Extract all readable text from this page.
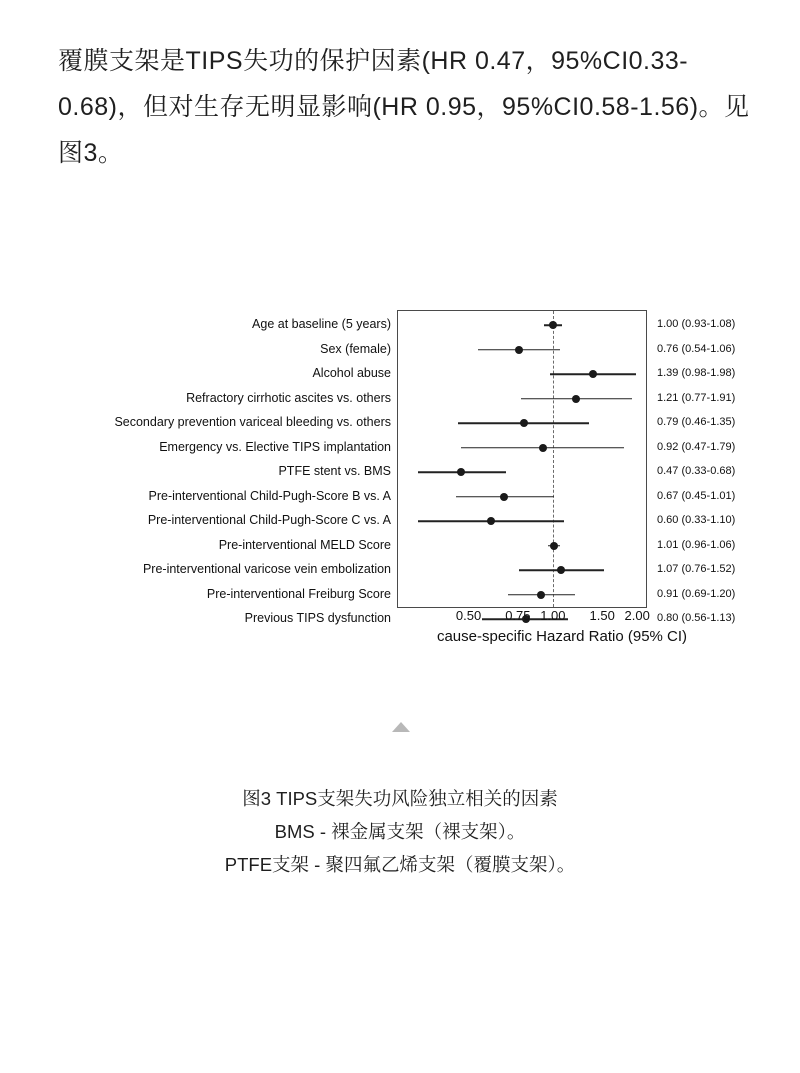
覆膜支架是TIPS失功的保护因素(HR 0.47，95%CI0.33-0.68)，但对生存无明显影响(HR 0.95，95%CI0.58-1.56)。见图3。
Age at baseline (5 years)
Sex (female)
Alcohol abuse
Refractory cirrhotic ascites vs. others
Secondary prevention variceal bleeding vs. others
Emergency vs. Elective TIPS implantation
PTFE stent vs. BMS
Pre-interventional Child-Pugh-Score B vs. A
Pre-interventional Child-Pugh-Score C vs. A
Pre-interventional MELD Score
Pre-interventional varicose vein embolization
Pre-interventional Freiburg Score
Previous TIPS dysfunction	0.50 0.75 1.00 1.50 2.00
cause-specific Hazard Ratio (95% CI)
1.00 (0.93-1.08)
0.76 (0.54-1.06)
1.39 (0.98-1.98)
1.21 (0.77-1.91)
0.79 (0.46-1.35)
0.92 (0.47-1.79)
0.47 (0.33-0.68)
0.67 (0.45-1.01)
0.60 (0.33-1.10)
1.01 (0.96-1.06)
1.07 (0.76-1.52)
0.91 (0.69-1.20)
0.80 (0.56-1.13)
图3 TIPS支架失功风险独立相关的因素
BMS - 裸金属支架（裸支架）。
PTFE支架 - 聚四氟乙烯支架（覆膜支架）。
